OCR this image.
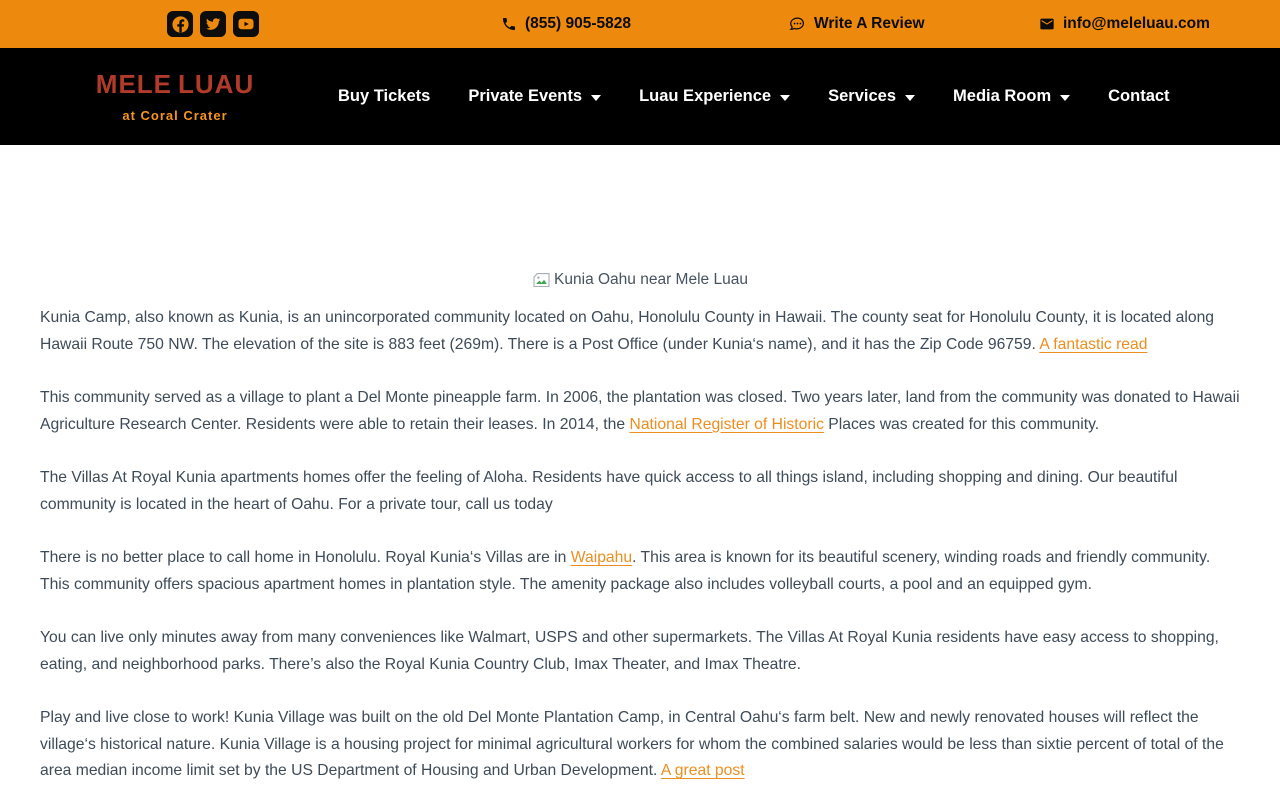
(855) 905-5828	Write A Review	info@meleluau.com
MELE LUAU
at Coral Crater
Buy Tickets Private Events	Luau Experience	Services	Media Room	Contact
Kunia Oahu near Mele Luau

Kunia Camp, also known as Kunia, is an unincorporated community located on Oahu, Honolulu County in Hawaii. The county seat for Honolulu County, it is located along Hawaii Route 750 NW. The elevation of the site is 883 feet (269m). There is a Post Office (under Kunia‘s name), and it has the Zip Code 96759. A fantastic read

This community served as a village to plant a Del Monte pineapple farm. In 2006, the plantation was closed. Two years later, land from the community was donated to Hawaii Agriculture Research Center. Residents were able to retain their leases. In 2014, the National Register of Historic Places was created for this community.

The Villas At Royal Kunia apartments homes offer the feeling of Aloha. Residents have quick access to all things island, including shopping and dining. Our beautiful community is located in the heart of Oahu. For a private tour, call us today

There is no better place to call home in Honolulu. Royal Kunia‘s Villas are in Waipahu. This area is known for its beautiful scenery, winding roads and friendly community. This community offers spacious apartment homes in plantation style. The amenity package also includes volleyball courts, a pool and an equipped gym.

You can live only minutes away from many conveniences like Walmart, USPS and other supermarkets. The Villas At Royal Kunia residents have easy access to shopping, eating, and neighborhood parks. There’s also the Royal Kunia Country Club, Imax Theater, and Imax Theatre.

Play and live close to work! Kunia Village was built on the old Del Monte Plantation Camp, in Central Oahu‘s farm belt. New and newly renovated houses will reflect the village‘s historical nature. Kunia Village is a housing project for minimal agricultural workers for whom the combined salaries would be less than sixtie percent of total of the area median income limit set by the US Department of Housing and Urban Development. A great post
